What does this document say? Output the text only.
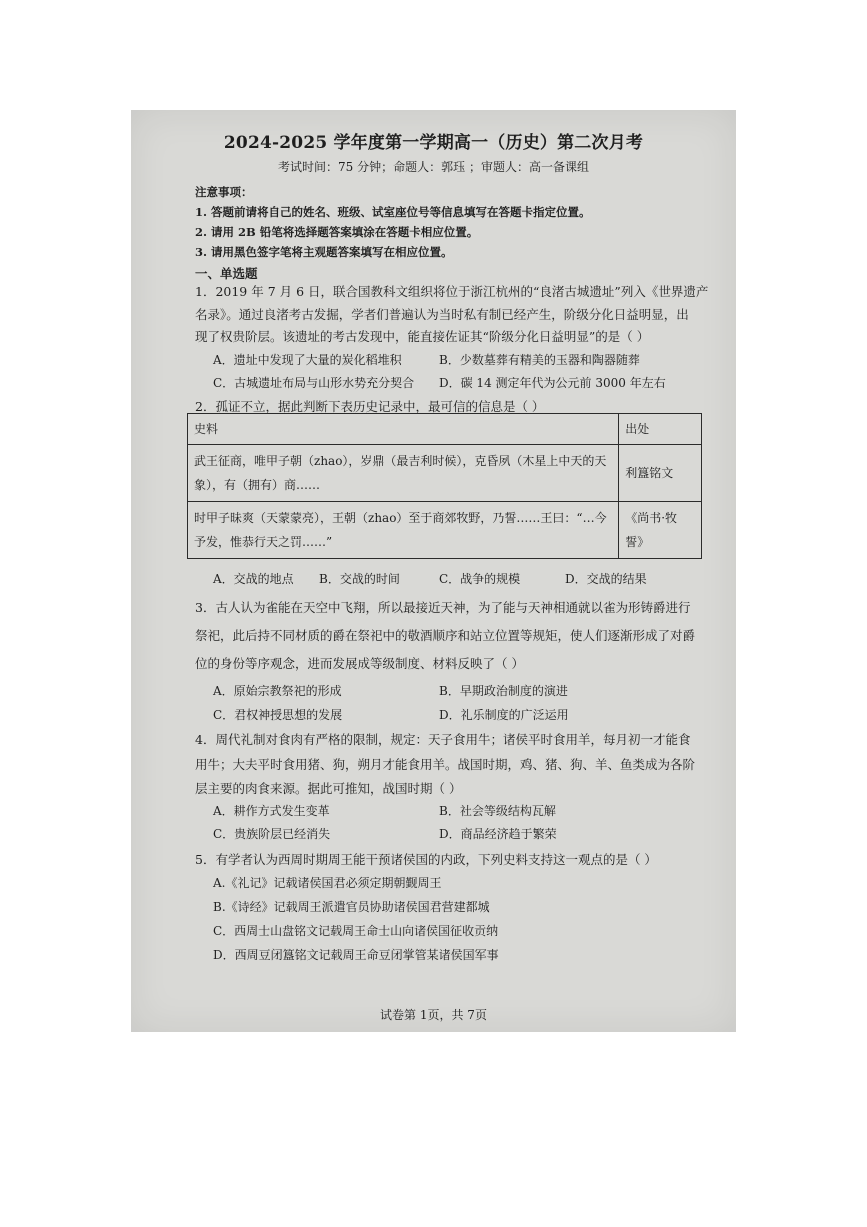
2024-2025 学年度第一学期高一（历史）第二次月考
考试时间：75 分钟；命题人：郭珏 ；审题人：高一备课组
注意事项：
1. 答题前请将自己的姓名、班级、试室座位号等信息填写在答题卡指定位置。
2. 请用 2B 铅笔将选择题答案填涂在答题卡相应位置。
3. 请用黑色签字笔将主观题答案填写在相应位置。
一、单选题
1．2019 年 7 月 6 日，联合国教科文组织将位于浙江杭州的“良渚古城遗址”列入《世界遗产
名录》。通过良渚考古发掘，学者们普遍认为当时私有制已经产生，阶级分化日益明显，出
现了权贵阶层。该遗址的考古发现中，能直接佐证其“阶级分化日益明显”的是（ ）
A．遗址中发现了大量的炭化稻堆积	B．少数墓葬有精美的玉器和陶器随葬
C．古城遗址布局与山形水势充分契合 D．碳 14 测定年代为公元前 3000 年左右
2．孤证不立，据此判断下表历史记录中，最可信的信息是（ ）
史料	出处
武王征商，唯甲子朝（zhao），岁鼎（最吉利时候），克昏夙（木星上中天的天象），有（拥有）商……	利簋铭文
时甲子昧爽（天蒙蒙亮），王朝（zhao）至于商郊牧野，乃誓……王曰：“…今予发，惟恭行天之罚……”	《尚书·牧誓》
A．交战的地点 B．交战的时间	C．战争的规模	D．交战的结果
3．古人认为雀能在天空中飞翔，所以最接近天神，为了能与天神相通就以雀为形铸爵进行
祭祀，此后持不同材质的爵在祭祀中的敬酒顺序和站立位置等规矩，使人们逐渐形成了对爵
位的身份等序观念，进而发展成等级制度、材料反映了（ ）
A．原始宗教祭祀的形成	B．早期政治制度的演进
C．君权神授思想的发展	D．礼乐制度的广泛运用
4．周代礼制对食肉有严格的限制，规定：天子食用牛；诸侯平时食用羊，每月初一才能食
用牛；大夫平时食用猪、狗，朔月才能食用羊。战国时期，鸡、猪、狗、羊、鱼类成为各阶
层主要的肉食来源。据此可推知，战国时期（ ）
A．耕作方式发生变革	B．社会等级结构瓦解
C．贵族阶层已经消失	D．商品经济趋于繁荣
5．有学者认为西周时期周王能干预诸侯国的内政，下列史料支持这一观点的是（ ）
A.《礼记》记载诸侯国君必须定期朝觐周王
B.《诗经》记载周王派遣官员协助诸侯国君营建都城
C．西周士山盘铭文记载周王命士山向诸侯国征收贡纳
D．西周豆闭簋铭文记载周王命豆闭掌管某诸侯国军事
试卷第 1页，共 7页
